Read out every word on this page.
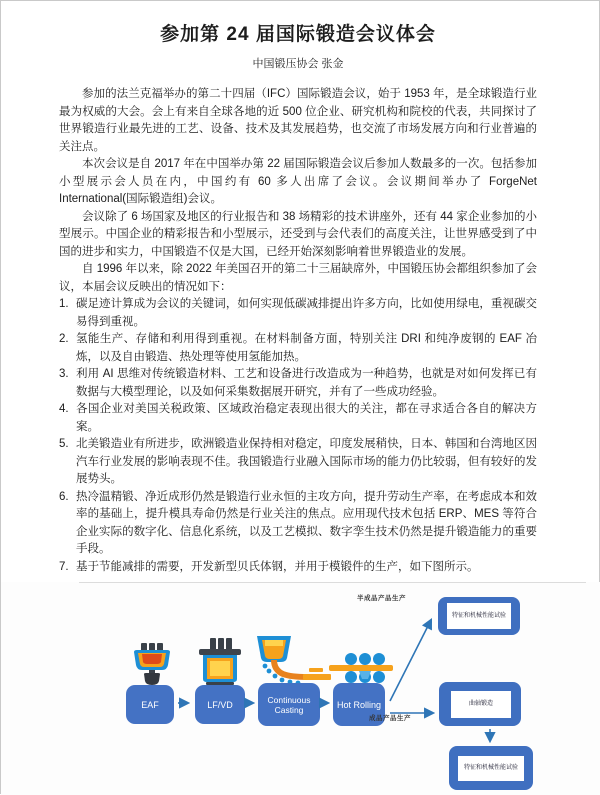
参加第 24 届国际锻造会议体会
中国锻压协会 张金

参加的法兰克福举办的第二十四届（IFC）国际锻造会议，始于 1953 年，是全球锻造行业最为权威的大会。会上有来自全球各地的近 500 位企业、研究机构和院校的代表，共同探讨了世界锻造行业最先进的工艺、设备、技术及其发展趋势，也交流了市场发展方向和行业普遍的关注点。

本次会议是自 2017 年在中国举办第 22 届国际锻造会议后参加人数最多的一次。包括参加小型展示会人员在内，中国约有 60 多人出席了会议。会议期间举办了 ForgeNet International(国际锻造组)会议。

会议除了 6 场国家及地区的行业报告和 38 场精彩的技术讲座外，还有 44 家企业参加的小型展示。中国企业的精彩报告和小型展示，还受到与会代表们的高度关注，让世界感受到了中国的进步和实力，中国锻造不仅是大国，已经开始深刻影响着世界锻造业的发展。

自 1996 年以来，除 2022 年美国召开的第二十三届缺席外，中国锻压协会都组织参加了会议，本届会议反映出的情况如下：

1. 碳足迹计算成为会议的关键词，如何实现低碳减排提出许多方向，比如使用绿电，重视碳交易得到重视。
2. 氢能生产、存储和利用得到重视。在材料制备方面，特别关注 DRI 和纯净废钢的 EAF 冶炼，以及自由锻造、热处理等使用氢能加热。
3. 利用 AI 思维对传统锻造材料、工艺和设备进行改造成为一种趋势，也就是对如何发挥已有数据与大模型理论，以及如何采集数据展开研究，并有了一些成功经验。
4. 各国企业对美国关税政策、区域政治稳定表现出很大的关注，都在寻求适合各自的解决方案。
5. 北美锻造业有所进步，欧洲锻造业保持相对稳定，印度发展稍快，日本、韩国和台湾地区因汽车行业发展的影响表现不佳。我国锻造行业融入国际市场的能力仍比较弱，但有较好的发展势头。
6. 热冷温精锻、净近成形仍然是锻造行业永恒的主攻方向，提升劳动生产率，在考虑成本和效率的基础上，提升模具寿命仍然是行业关注的焦点。应用现代技术包括 ERP、MES 等符合企业实际的数字化、信息化系统，以及工艺模拟、数字孪生技术仍然是提升锻造能力的重要手段。
7. 基于节能减排的需要，开发新型贝氏体钢，并用于模锻件的生产，如下图所示。
EAF	LF/VD	Continuous Casting	Hot Rolling
特征和机械性能试验
曲轴锻造
特征和机械性能试验
半成品产品生产
成品产品生产
